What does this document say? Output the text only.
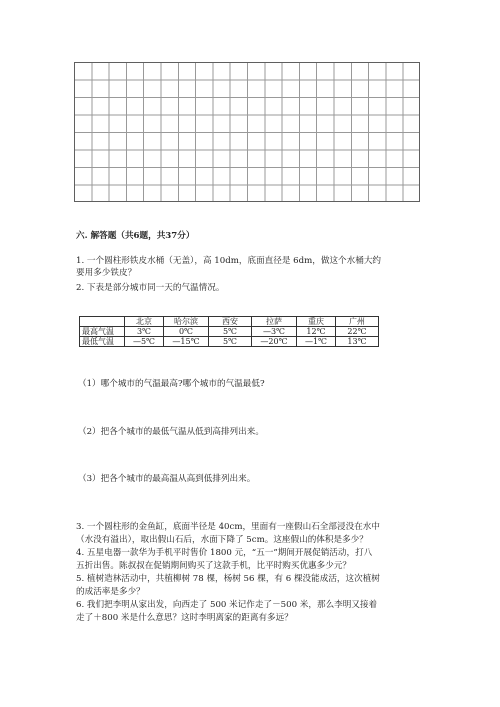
六. 解答题（共6题，共37分）
1. 一个圆柱形铁皮水桶（无盖），高 10dm，底面直径是 6dm，做这个水桶大约
要用多少铁皮？
2. 下表是部分城市同一天的气温情况。
	北京	哈尔滨	西安	拉萨	重庆	广州
最高气温	3℃	0℃	5℃	—3℃	12℃	22℃
最低气温	—5℃	—15℃	5℃	—20℃	—1℃	13℃
（1）哪个城市的气温最高?哪个城市的气温最低?
（2）把各个城市的最低气温从低到高排列出来。
（3）把各个城市的最高温从高到低排列出来。
3. 一个圆柱形的金鱼缸，底面半径是 40cm，里面有一座假山石全部浸没在水中
（水没有溢出），取出假山石后，水面下降了 5cm。这座假山的体积是多少？
4. 五星电器一款华为手机平时售价 1800 元，“五一”期间开展促销活动，打八
五折出售。陈叔叔在促销期间购买了这款手机，比平时购买优惠多少元？
5. 植树造林活动中，共植柳树 78 棵，杨树 56 棵，有 6 棵没能成活，这次植树
的成活率是多少？
6. 我们把李明从家出发，向西走了 500 米记作走了－500 米，那么李明又接着
走了＋800 米是什么意思？这时李明离家的距离有多远？
